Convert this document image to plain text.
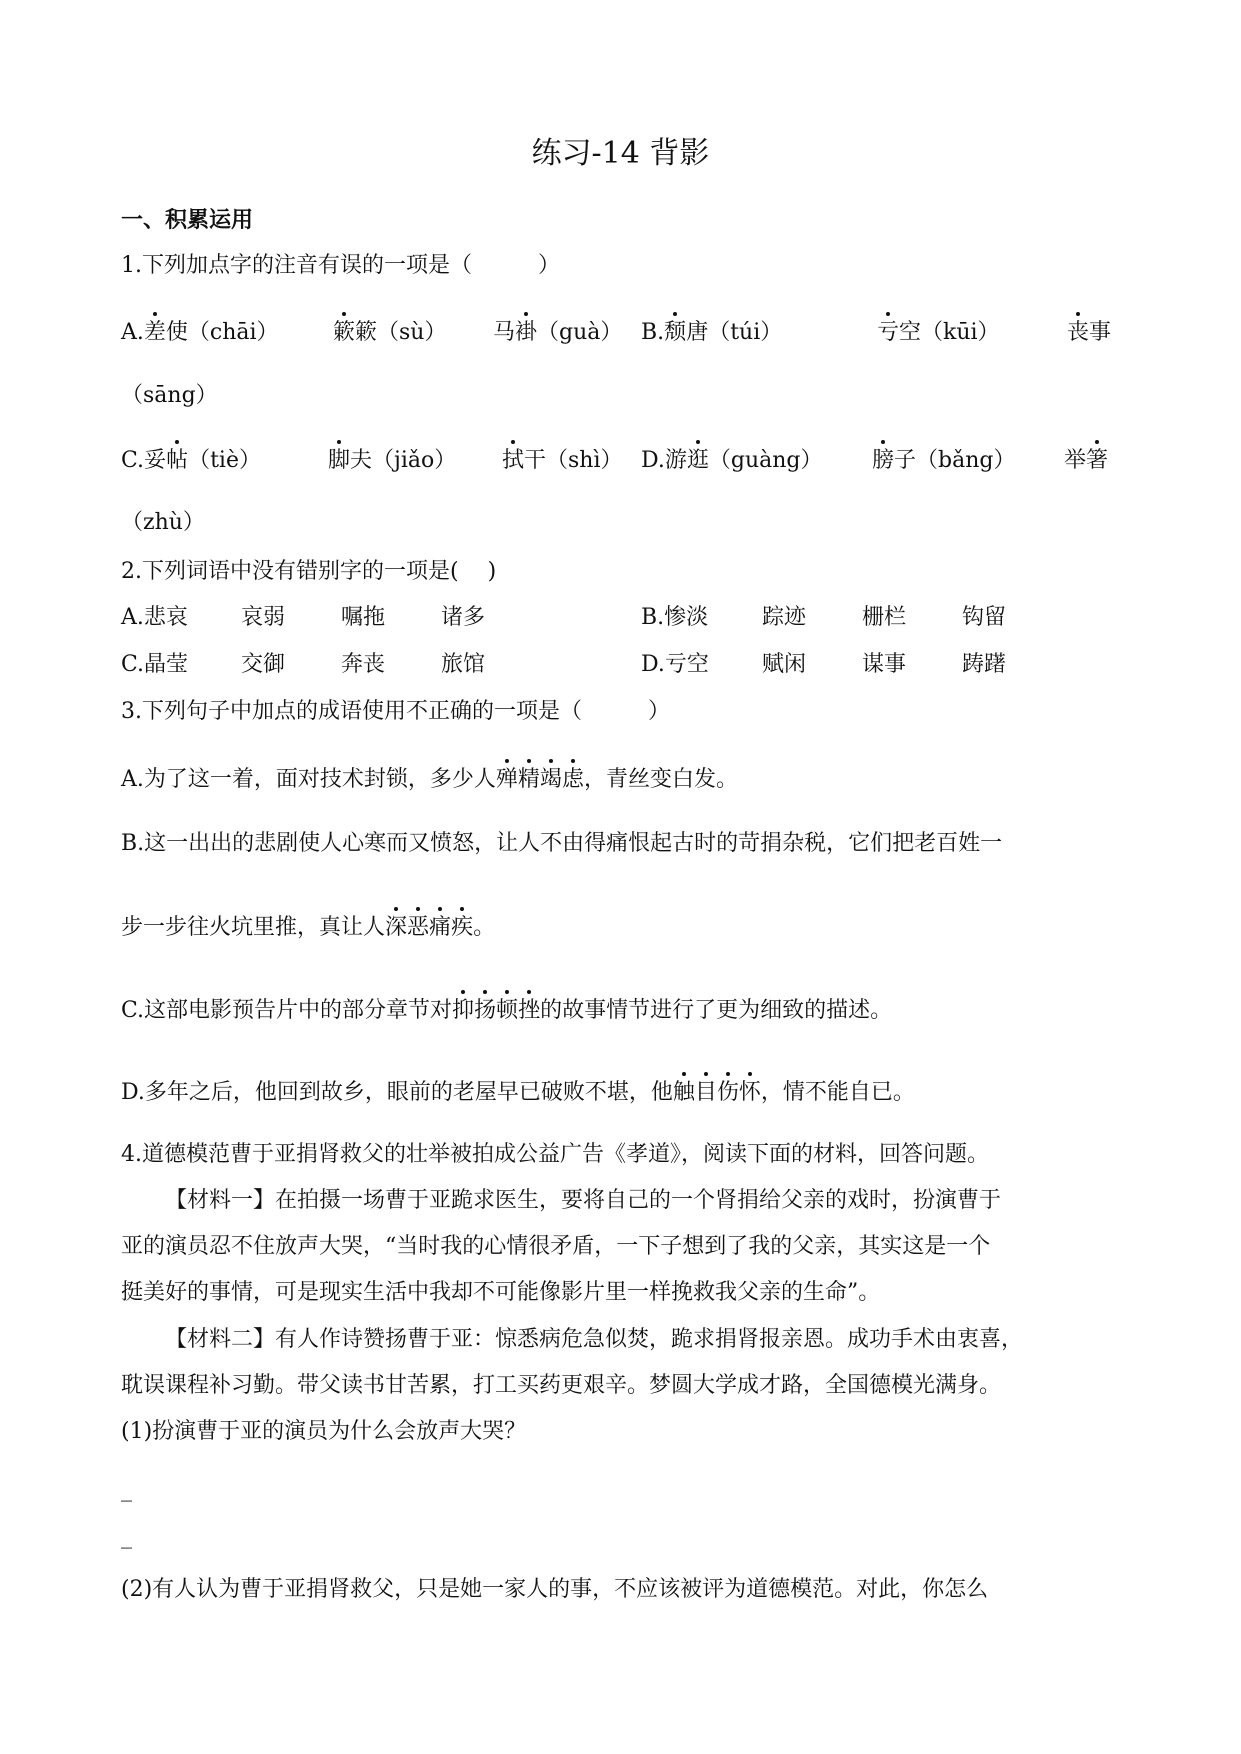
练习-14 背影
一、积累运用
1.下列加点字的注音有误的一项是（　　　）
A.差使（chāi） 簌簌（sù） 马褂（guà） B.颓唐（túi）	亏空（kūi）	丧事
（sāng）
C.妥帖（tiè）	脚夫（jiǎo） 拭干（shì） D.游逛（guàng） 膀子（bǎng） 举箸
（zhù）
2.下列词语中没有错别字的一项是(　 )
A.悲哀 哀弱	嘱拖	诸多	B.惨淡 踪迹	栅栏	钩留
C.晶莹 交御	奔丧	旅馆	D.亏空 赋闲	谋事	踌躇
3.下列句子中加点的成语使用不正确的一项是（　　　）
A.为了这一着，面对技术封锁，多少人殚精竭虑，青丝变白发。
B.这一出出的悲剧使人心寒而又愤怒，让人不由得痛恨起古时的苛捐杂税，它们把老百姓一
步一步往火坑里推，真让人深恶痛疾。
C.这部电影预告片中的部分章节对抑扬顿挫的故事情节进行了更为细致的描述。
D.多年之后，他回到故乡，眼前的老屋早已破败不堪，他触目伤怀，情不能自已。
4.道德模范曹于亚捐肾救父的壮举被拍成公益广告《孝道》，阅读下面的材料，回答问题。
【材料一】在拍摄一场曹于亚跪求医生，要将自己的一个肾捐给父亲的戏时，扮演曹于
亚的演员忍不住放声大哭，“当时我的心情很矛盾，一下子想到了我的父亲，其实这是一个
挺美好的事情，可是现实生活中我却不可能像影片里一样挽救我父亲的生命”。
【材料二】有人作诗赞扬曹于亚：惊悉病危急似焚，跪求捐肾报亲恩。成功手术由衷喜，
耽误课程补习勤。带父读书甘苦累，打工买药更艰辛。梦圆大学成才路，全国德模光满身。
(1)扮演曹于亚的演员为什么会放声大哭？
_
_
(2)有人认为曹于亚捐肾救父，只是她一家人的事，不应该被评为道德模范。对此，你怎么
